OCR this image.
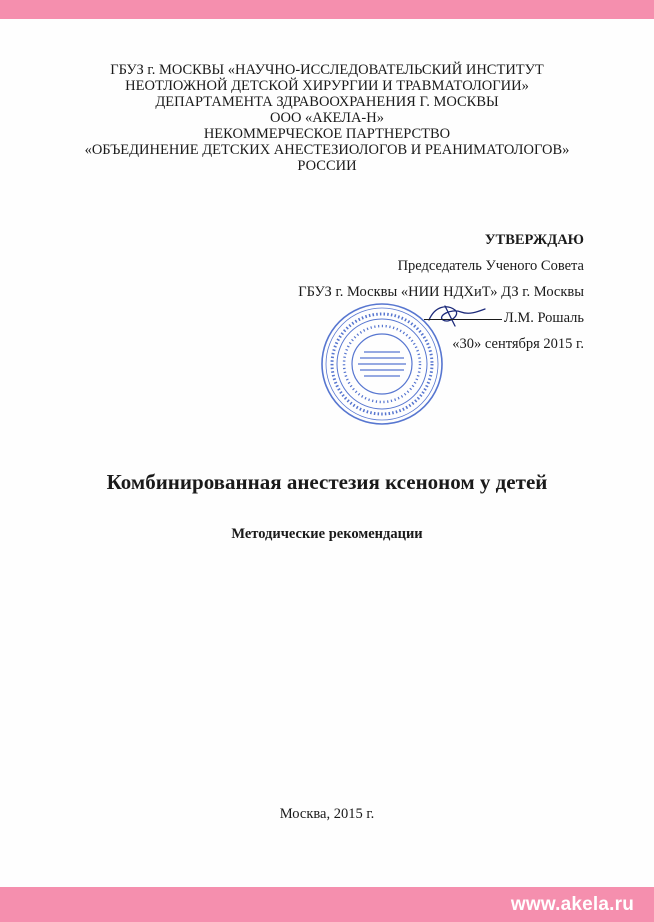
ГБУЗ г. МОСКВЫ «НАУЧНО-ИССЛЕДОВАТЕЛЬСКИЙ ИНСТИТУТ
НЕОТЛОЖНОЙ ДЕТСКОЙ ХИРУРГИИ И ТРАВМАТОЛОГИИ»
ДЕПАРТАМЕНТА ЗДРАВООХРАНЕНИЯ Г. МОСКВЫ
ООО «АКЕЛА-Н»
НЕКОММЕРЧЕСКОЕ ПАРТНЕРСТВО
«ОБЪЕДИНЕНИЕ ДЕТСКИХ АНЕСТЕЗИОЛОГОВ И РЕАНИМАТОЛОГОВ»
РОССИИ
УТВЕРЖДАЮ
Председатель Ученого Совета
ГБУЗ г. Москвы «НИИ НДХиТ» ДЗ г. Москвы
Л.М. Рошаль
«30» сентября 2015 г.
Комбинированная анестезия ксеноном у детей
Методические рекомендации
Москва, 2015 г.
www.akela.ru
